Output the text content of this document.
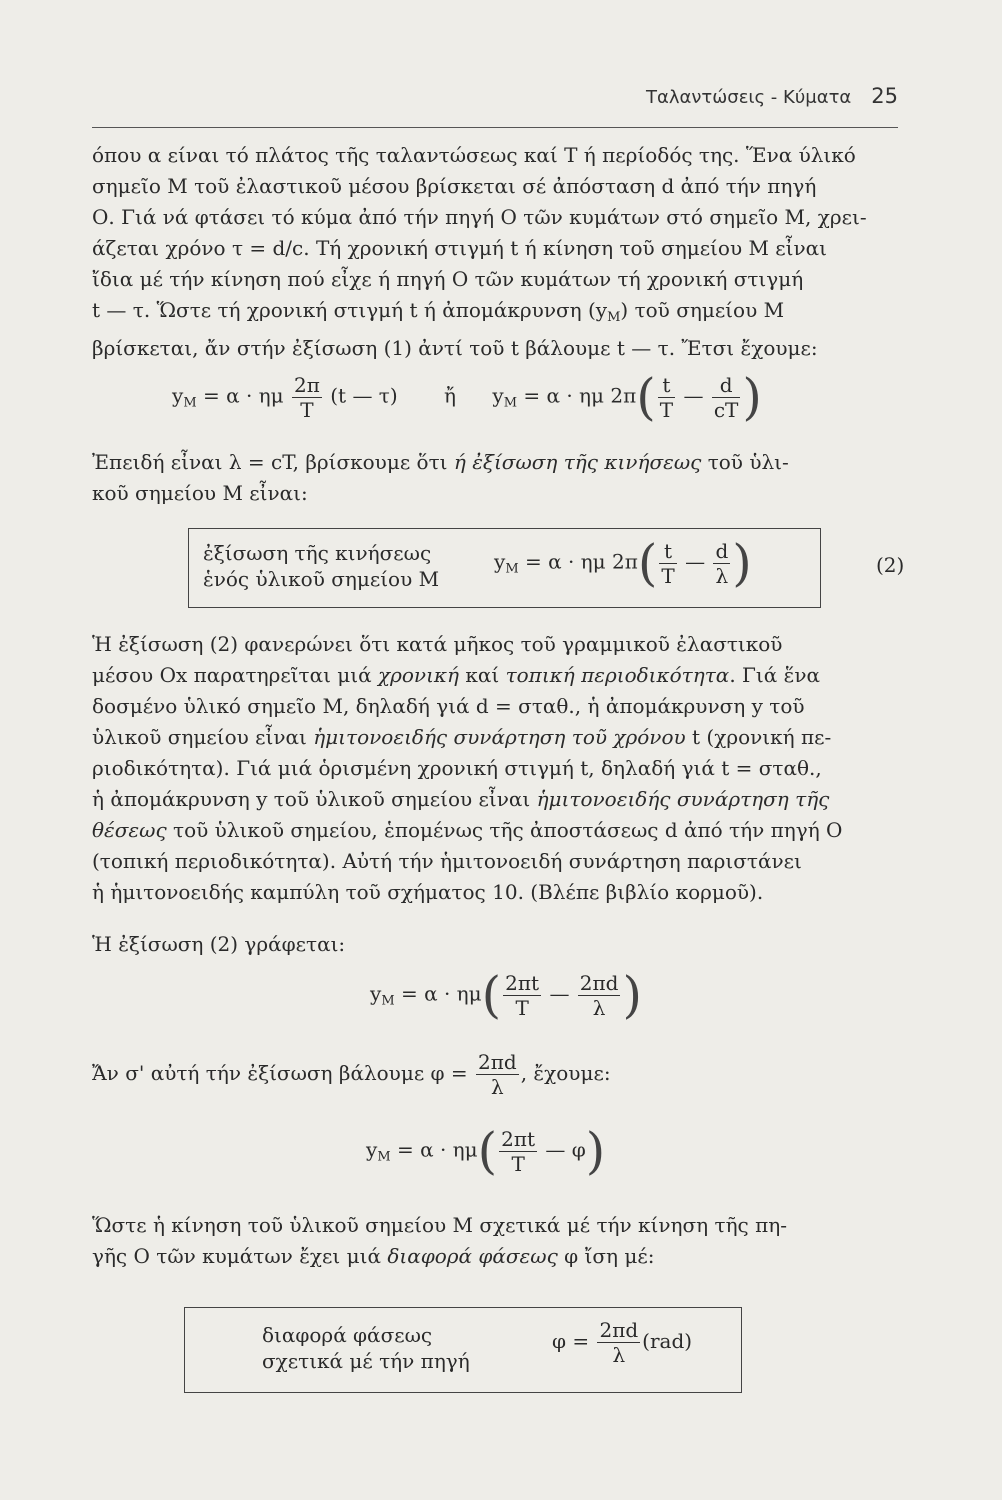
Ταλαντώσεις - Κύματα 25
όπου α είναι τό πλάτος τῆς ταλαντώσεως καί Τ ή περίοδός της. Ἕνα ύλικό
σημεῖο Μ τοῦ ἐλαστικοῦ μέσου βρίσκεται σέ ἀπόσταση d ἀπό τήν πηγή
Ο. Γιά νά φτάσει τό κύμα ἀπό τήν πηγή Ο τῶν κυμάτων στό σημεῖο Μ, χρει-
άζεται χρόνο τ = d/c. Τή χρονική στιγμή t ή κίνηση τοῦ σημείου Μ εἶναι
ἴδια μέ τήν κίνηση πού εἶχε ή πηγή Ο τῶν κυμάτων τή χρονική στιγμή
t — τ. Ὥστε τή χρονική στιγμή t ή ἀπομάκρυνση $(y_M)$ τοῦ σημείου Μ
βρίσκεται, ἄν στήν ἐξίσωση (1) ἀντί τοῦ t βάλουμε t — τ. Ἔτσι ἔχουμε:
$y_M = \alpha \cdot \eta\mu \frac{2\pi}{T} (t$ — τ) ἤ $y_M = \alpha \cdot \eta\mu$ $2\pi( \frac{t}{T}$ — $\frac{d}{cT}$ )
Ἐπειδή εἶναι λ = cT, βρίσκουμε ὅτι ή ἐξίσωση τῆς κινήσεως τοῦ ὑλι-
κοῦ σημείου Μ εἶναι:
ἐξίσωση τῆς κινήσεως
ἑνός ὑλικοῦ σημείου Μ
$y_M = \alpha \cdot \eta\mu$ $2\pi( \frac{t}{T}$ — $\frac{d}{\lambda}$ )	(2)
Ἡ ἐξίσωση (2) φανερώνει ὅτι κατά μῆκος τοῦ γραμμικοῦ ἐλαστικοῦ
μέσου Οx παρατηρεῖται μιά χρονική καί τοπική περιοδικότητα. Γιά ἕνα
δοσμένο ὑλικό σημεῖο Μ, δηλαδή γιά d = σταθ., ἡ ἀπομάκρυνση y τοῦ
ὑλικοῦ σημείου εἶναι ἡμιτονοειδής συνάρτηση τοῦ χρόνου t (χρονική πε-
ριοδικότητα). Γιά μιά ὁρισμένη χρονική στιγμή t, δηλαδή γιά t = σταθ.,
ἡ ἀπομάκρυνση y τοῦ ὑλικοῦ σημείου εἶναι ἡμιτονοειδής συνάρτηση τῆς
θέσεως τοῦ ὑλικοῦ σημείου, ἑπομένως τῆς ἀποστάσεως d ἀπό τήν πηγή Ο
(τοπική περιοδικότητα). Αὐτή τήν ἡμιτονοειδή συνάρτηση παριστάνει
ἡ ἡμιτονοειδής καμπύλη τοῦ σχήματος 10. (Βλέπε βιβλίο κορμοῦ).
Ἡ ἐξίσωση (2) γράφεται:
$y_M = \alpha \cdot \eta\mu( \frac{2\pi t}{T}$ — $\frac{2\pi d}{\lambda}$ )
Ἄν σ' αὐτή τήν ἐξίσωση βάλουμε $\varphi = \frac{2\pi d}{\lambda}$ , ἔχουμε:
$y_M = \alpha \cdot \eta\mu( \frac{2\pi t}{T}$ — φ)
Ὥστε ἡ κίνηση τοῦ ὑλικοῦ σημείου Μ σχετικά μέ τήν κίνηση τῆς πη-
γῆς Ο τῶν κυμάτων ἔχει μιά διαφορά φάσεως φ ἴση μέ:
διαφορά φάσεως
σχετικά μέ τήν πηγή
$\varphi = \frac{2\pi d}{\lambda} (rad)$
